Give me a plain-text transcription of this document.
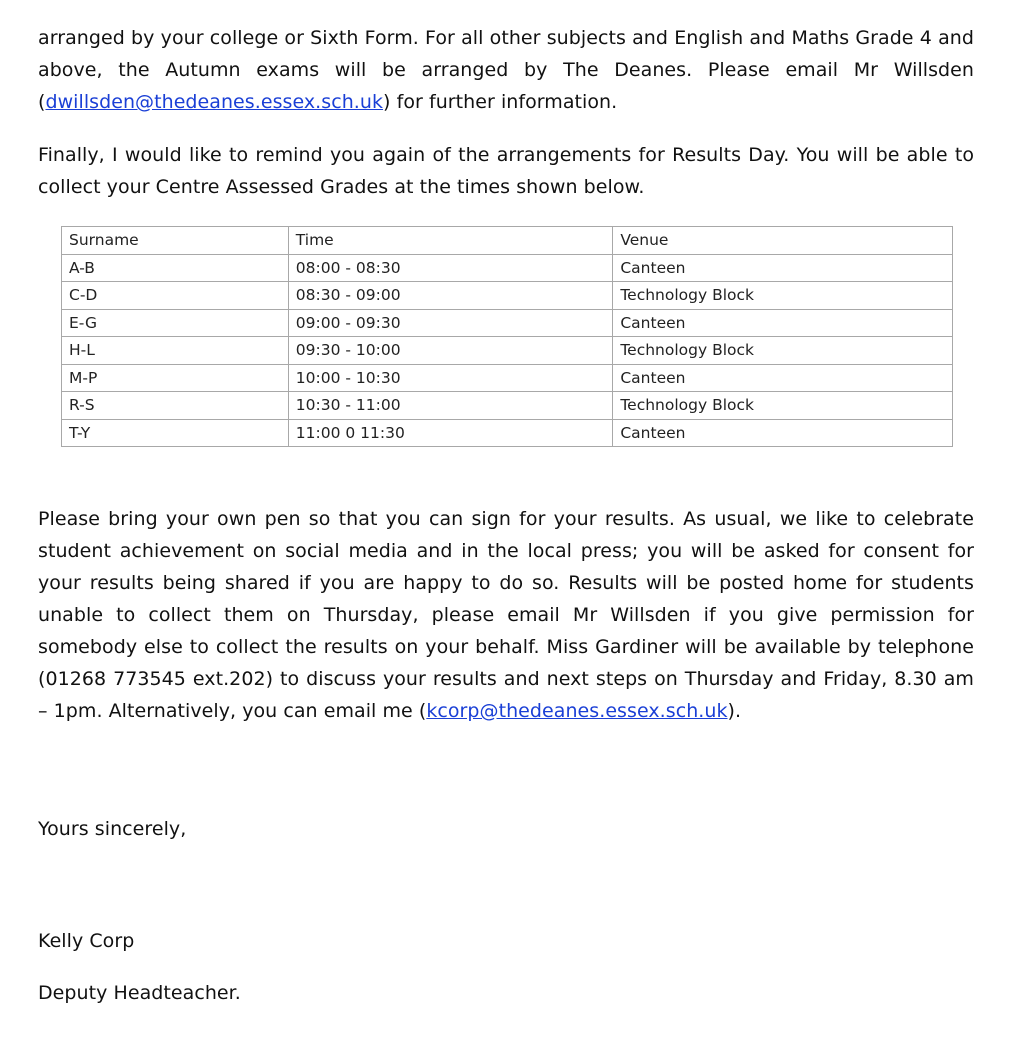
arranged by your college or Sixth Form. For all other subjects and English and Maths Grade 4 and above, the Autumn exams will be arranged by The Deanes. Please email Mr Willsden (dwillsden@thedeanes.essex.sch.uk) for further information.

Finally, I would like to remind you again of the arrangements for Results Day. You will be able to collect your Centre Assessed Grades at the times shown below.

Surname	Time	Venue
A-B	08:00 - 08:30	Canteen
C-D	08:30 - 09:00	Technology Block
E-G	09:00 - 09:30	Canteen
H-L	09:30 - 10:00	Technology Block
M-P	10:00 - 10:30	Canteen
R-S	10:30 - 11:00	Technology Block
T-Y	11:00 0 11:30	Canteen

Please bring your own pen so that you can sign for your results. As usual, we like to celebrate student achievement on social media and in the local press; you will be asked for consent for your results being shared if you are happy to do so. Results will be posted home for students unable to collect them on Thursday, please email Mr Willsden if you give permission for somebody else to collect the results on your behalf. Miss Gardiner will be available by telephone (01268 773545 ext.202) to discuss your results and next steps on Thursday and Friday, 8.30 am – 1pm. Alternatively, you can email me (kcorp@thedeanes.essex.sch.uk).

Yours sincerely,

Kelly Corp

Deputy Headteacher.
